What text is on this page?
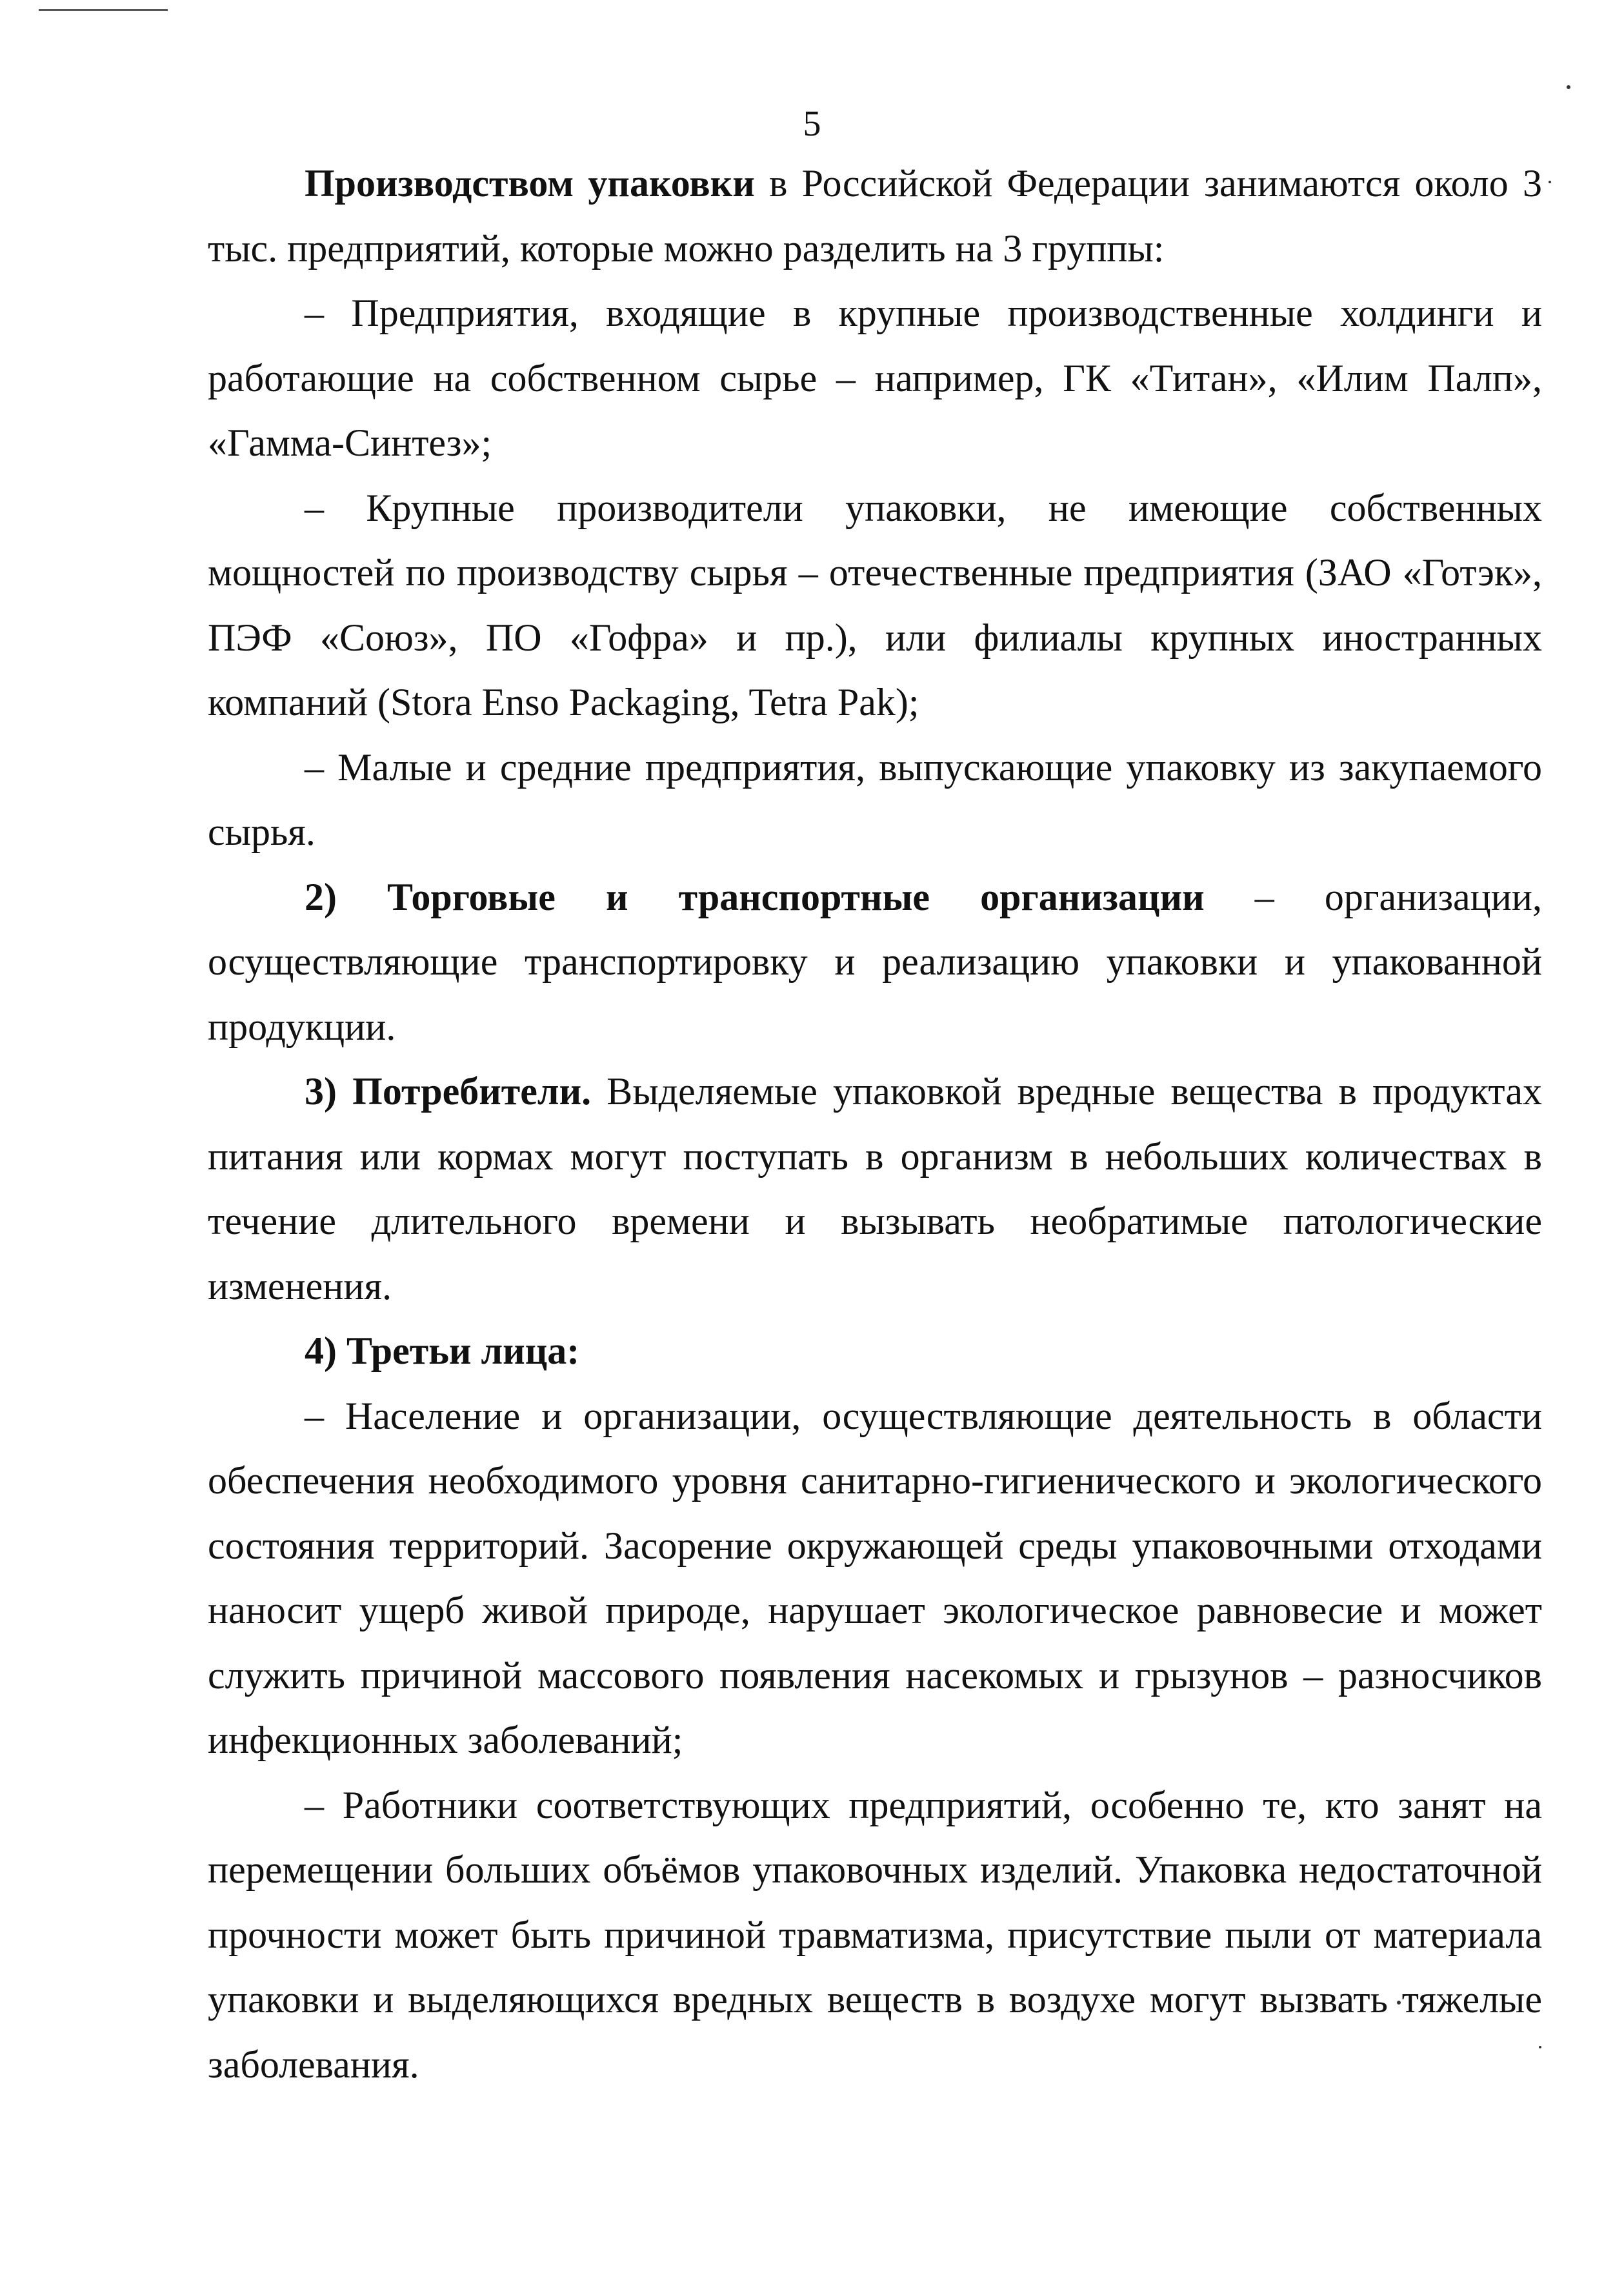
5

Производством упаковки в Российской Федерации занимаются около 3 тыс. предприятий, которые можно разделить на 3 группы:

– Предприятия, входящие в крупные производственные холдинги и работающие на собственном сырье – например, ГК «Титан», «Илим Палп», «Гамма-Синтез»;

– Крупные производители упаковки, не имеющие собственных мощностей по производству сырья – отечественные предприятия (ЗАО «Готэк», ПЭФ «Союз», ПО «Гофра» и пр.), или филиалы крупных иностранных компаний (Stora Enso Packaging, Tetra Pak);

– Малые и средние предприятия, выпускающие упаковку из закупаемого сырья.

2) Торговые и транспортные организации – организации, осуществляющие транспортировку и реализацию упаковки и упакованной продукции.

3) Потребители. Выделяемые упаковкой вредные вещества в продуктах питания или кормах могут поступать в организм в небольших количествах в течение длительного времени и вызывать необратимые патологические изменения.

4) Третьи лица:

– Население и организации, осуществляющие деятельность в области обеспечения необходимого уровня санитарно-гигиенического и экологического состояния территорий. Засорение окружающей среды упаковочными отходами наносит ущерб живой природе, нарушает экологическое равновесие и может служить причиной массового появления насекомых и грызунов – разносчиков инфекционных заболеваний;

– Работники соответствующих предприятий, особенно те, кто занят на перемещении больших объёмов упаковочных изделий. Упаковка недостаточной прочности может быть причиной травматизма, присутствие пыли от материала упаковки и выделяющихся вредных веществ в воздухе могут вызвать тяжелые заболевания.
